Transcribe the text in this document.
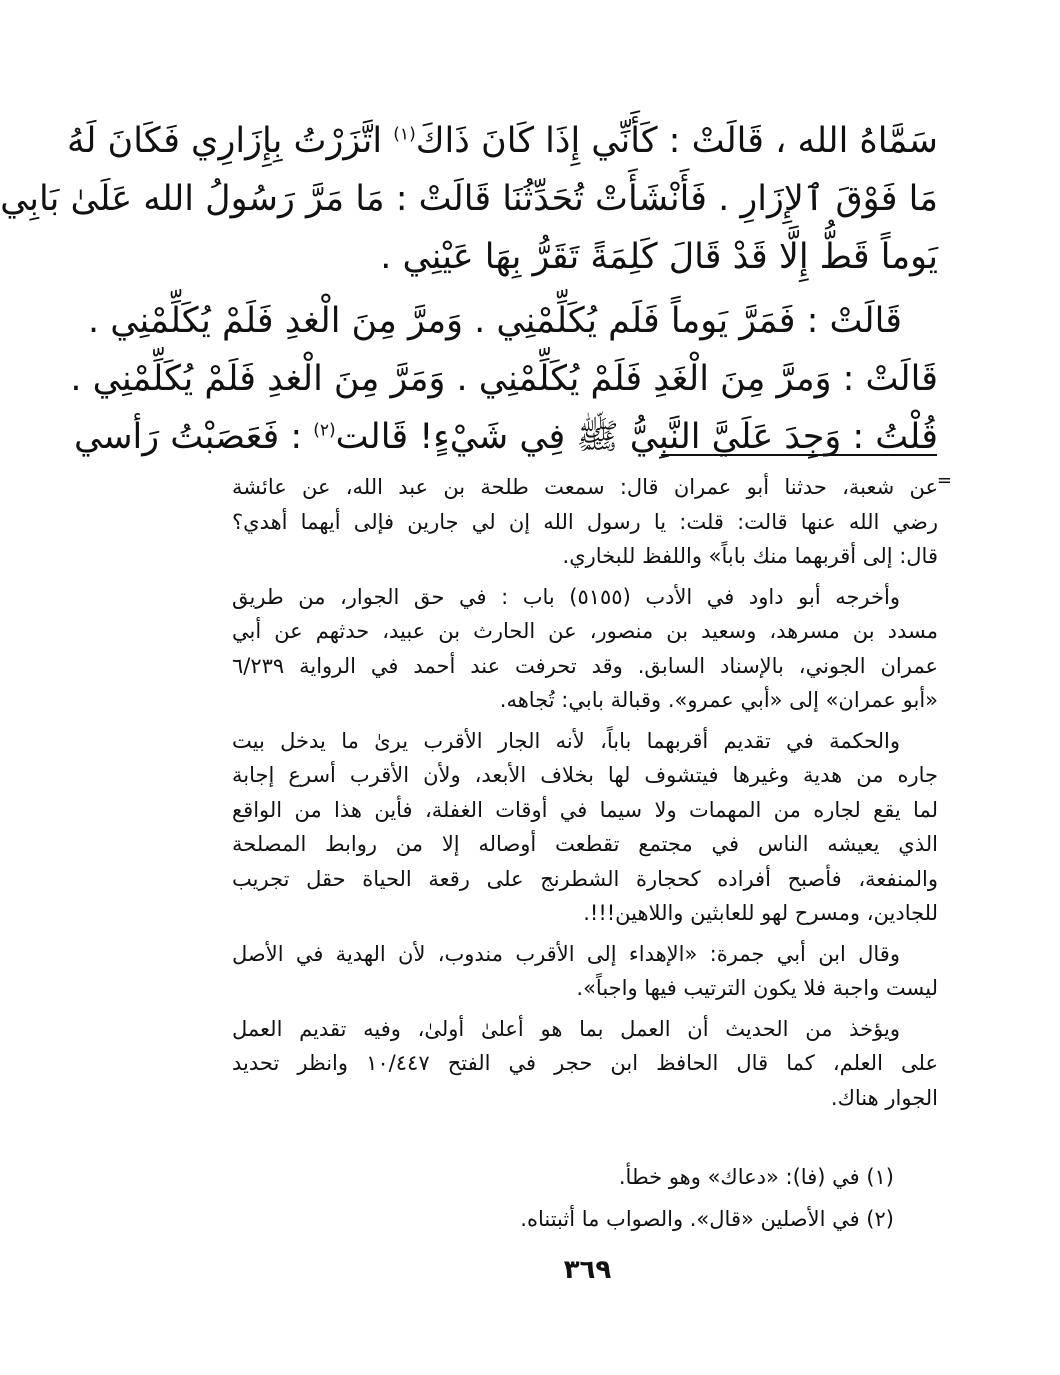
سَمَّاهُ الله ، قَالَتْ : كَأَنِّي إِذَا كَانَ ذَاكَ$^{(١)}$ اتَّزَرْتُ بِإِزَارِي فَكَانَ لَهُ
مَا فَوْقَ ٱلإِزَارِ . فَأَنْشَأَتْ تُحَدِّثُنَا قَالَتْ : مَا مَرَّ رَسُولُ الله عَلَىٰ بَابِي
يَوماً قَطُّ إِلَّا قَدْ قَالَ كَلِمَةً تَقَرُّ بِهَا عَيْنِي .
قَالَتْ : فَمَرَّ يَوماً فَلَم يُكَلِّمْنِي . وَمرَّ مِنَ الْغدِ فَلَمْ يُكَلِّمْنِي .
قَالَتْ : وَمرَّ مِنَ الْغَدِ فَلَمْ يُكَلِّمْنِي . وَمَرَّ مِنَ الْغدِ فَلَمْ يُكَلِّمْنِي .
قُلْتُ : وَجِدَ عَلَيَّ النَّبِيُّ ﷺ فِي شَيْءٍ! قَالت$^{(٢)}$ : فَعَصَبْتُ رَأسي
=
عن شعبة، حدثنا أبو عمران قال: سمعت طلحة بن عبد الله، عن عائشة
رضي الله عنها قالت: قلت: يا رسول الله إن لي جارين فإلى أيهما أهدي؟
قال: إلى أقربهما منك باباً» واللفظ للبخاري.
وأخرجه أبو داود في الأدب (٥١٥٥) باب : في حق الجوار، من طريق
مسدد بن مسرهد، وسعيد بن منصور، عن الحارث بن عبيد، حدثهم عن أبي
عمران الجوني، بالإسناد السابق. وقد تحرفت عند أحمد في الرواية ٦/٢٣٩
«أبو عمران» إلى «أبي عمرو». وقبالة بابي: تُجاهه.
والحكمة في تقديم أقربهما باباً، لأنه الجار الأقرب يرىٰ ما يدخل بيت
جاره من هدية وغيرها فيتشوف لها بخلاف الأبعد، ولأن الأقرب أسرع إجابة
لما يقع لجاره من المهمات ولا سيما في أوقات الغفلة، فأين هذا من الواقع
الذي يعيشه الناس في مجتمع تقطعت أوصاله إلا من روابط المصلحة
والمنفعة، فأصبح أفراده كحجارة الشطرنج على رقعة الحياة حقل تجريب
للجادين، ومسرح لهو للعابثين واللاهين!!!.
وقال ابن أبي جمرة: «الإهداء إلى الأقرب مندوب، لأن الهدية في الأصل
ليست واجبة فلا يكون الترتيب فيها واجباً».
ويؤخذ من الحديث أن العمل بما هو أعلىٰ أولىٰ، وفيه تقديم العمل
على العلم، كما قال الحافظ ابن حجر في الفتح ١٠/٤٤٧ وانظر تحديد
الجوار هناك.
(١) في (فا): «دعاك» وهو خطأ.
(٢) في الأصلين «قال». والصواب ما أثبتناه.
٣٦٩
